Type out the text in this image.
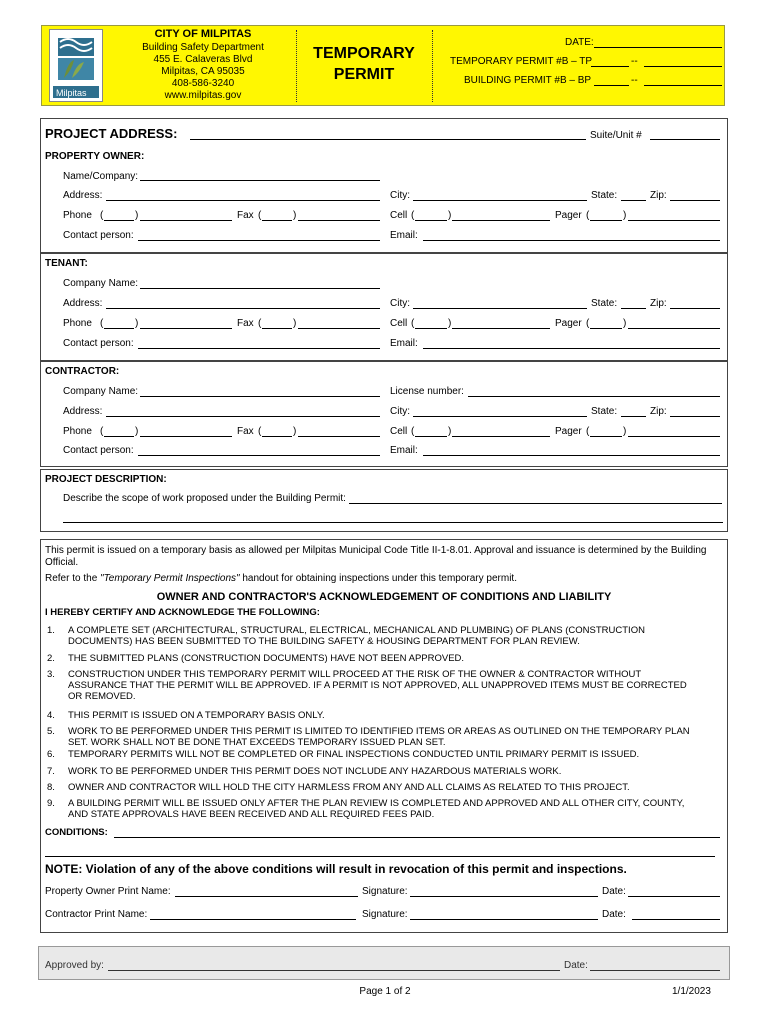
Milpitas
CITY OF MILPITAS
Building Safety Department
455 E. Calaveras Blvd
Milpitas, CA 95035
408-586-3240
www.milpitas.gov
TEMPORARY
PERMIT
DATE:
TEMPORARY PERMIT #B – TP	--
BUILDING PERMIT #B – BP	--
PROJECT ADDRESS:	Suite/Unit #
PROPERTY OWNER:
Name/Company:
Address:	City:	State:	Zip:
Phone (	)	Fax (	)	Cell (	)	Pager (	)
Contact person:	Email:
TENANT:
Company Name:
Address:	City:	State:	Zip:
Phone (	)	Fax (	)	Cell (	)	Pager (	)
Contact person:	Email:
CONTRACTOR:
Company Name:	License number:
Address:	City:	State:	Zip:
Phone (	)	Fax (	)	Cell (	)	Pager (	)
Contact person:	Email:
PROJECT DESCRIPTION:
Describe the scope of work proposed under the Building Permit:
This permit is issued on a temporary basis as allowed per Milpitas Municipal Code Title II-1-8.01. Approval and issuance is determined by the Building
Official.
Refer to the "Temporary Permit Inspections" handout for obtaining inspections under this temporary permit.
OWNER AND CONTRACTOR'S ACKNOWLEDGEMENT OF CONDITIONS AND LIABILITY
I HEREBY CERTIFY AND ACKNOWLEDGE THE FOLLOWING:
1. A COMPLETE SET (ARCHITECTURAL, STRUCTURAL, ELECTRICAL, MECHANICAL AND PLUMBING) OF PLANS (CONSTRUCTION DOCUMENTS) HAS BEEN SUBMITTED TO THE BUILDING SAFETY & HOUSING DEPARTMENT FOR PLAN REVIEW.
2. THE SUBMITTED PLANS (CONSTRUCTION DOCUMENTS) HAVE NOT BEEN APPROVED.
3. CONSTRUCTION UNDER THIS TEMPORARY PERMIT WILL PROCEED AT THE RISK OF THE OWNER & CONTRACTOR WITHOUT ASSURANCE THAT THE PERMIT WILL BE APPROVED. IF A PERMIT IS NOT APPROVED, ALL UNAPPROVED ITEMS MUST BE CORRECTED OR REMOVED.
4. THIS PERMIT IS ISSUED ON A TEMPORARY BASIS ONLY.
5. WORK TO BE PERFORMED UNDER THIS PERMIT IS LIMITED TO IDENTIFIED ITEMS OR AREAS AS OUTLINED ON THE TEMPORARY PLAN SET. WORK SHALL NOT BE DONE THAT EXCEEDS TEMPORARY ISSUED PLAN SET.
6. TEMPORARY PERMITS WILL NOT BE COMPLETED OR FINAL INSPECTIONS CONDUCTED UNTIL PRIMARY PERMIT IS ISSUED.
7. WORK TO BE PERFORMED UNDER THIS PERMIT DOES NOT INCLUDE ANY HAZARDOUS MATERIALS WORK.
8. OWNER AND CONTRACTOR WILL HOLD THE CITY HARMLESS FROM ANY AND ALL CLAIMS AS RELATED TO THIS PROJECT.
9. A BUILDING PERMIT WILL BE ISSUED ONLY AFTER THE PLAN REVIEW IS COMPLETED AND APPROVED AND ALL OTHER CITY, COUNTY, AND STATE APPROVALS HAVE BEEN RECEIVED AND ALL REQUIRED FEES PAID.
CONDITIONS:
NOTE: Violation of any of the above conditions will result in revocation of this permit and inspections.
Property Owner Print Name:	Signature:	Date:
Contractor Print Name:	Signature:	Date:
Approved by:	Date:
Page 1 of 2	1/1/2023
